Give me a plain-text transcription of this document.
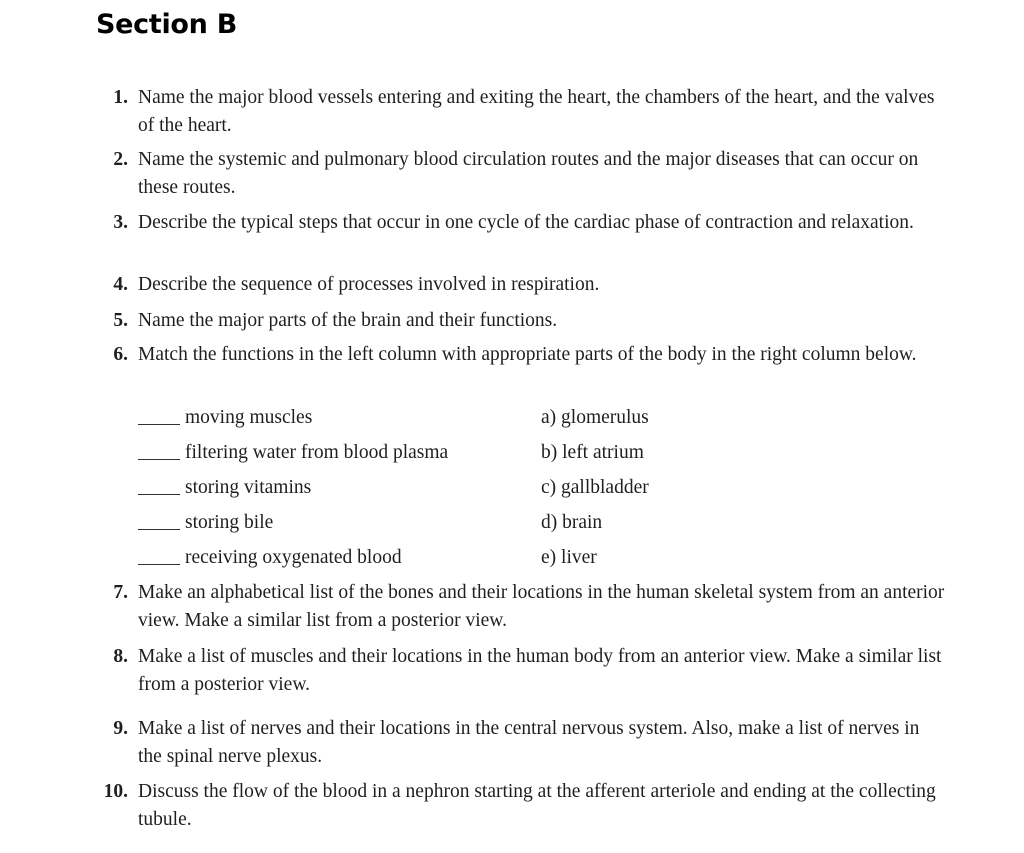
Section B
1. Name the major blood vessels entering and exiting the heart, the chambers of the heart, and the valves of the heart.
2. Name the systemic and pulmonary blood circulation routes and the major diseases that can occur on these routes.
3. Describe the typical steps that occur in one cycle of the cardiac phase of contraction and relaxation.
4. Describe the sequence of processes involved in respiration.
5. Name the major parts of the brain and their functions.
6. Match the functions in the left column with appropriate parts of the body in the right column below.
moving muscles	a) glomerulus
filtering water from blood plasma	b) left atrium
storing vitamins	c) gallbladder
storing bile	d) brain
receiving oxygenated blood	e) liver
7. Make an alphabetical list of the bones and their locations in the human skeletal system from an anterior view. Make a similar list from a posterior view.
8. Make a list of muscles and their locations in the human body from an anterior view. Make a similar list from a posterior view.
9. Make a list of nerves and their locations in the central nervous system. Also, make a list of nerves in the spinal nerve plexus.
10. Discuss the flow of the blood in a nephron starting at the afferent arteriole and ending at the collecting tubule.
